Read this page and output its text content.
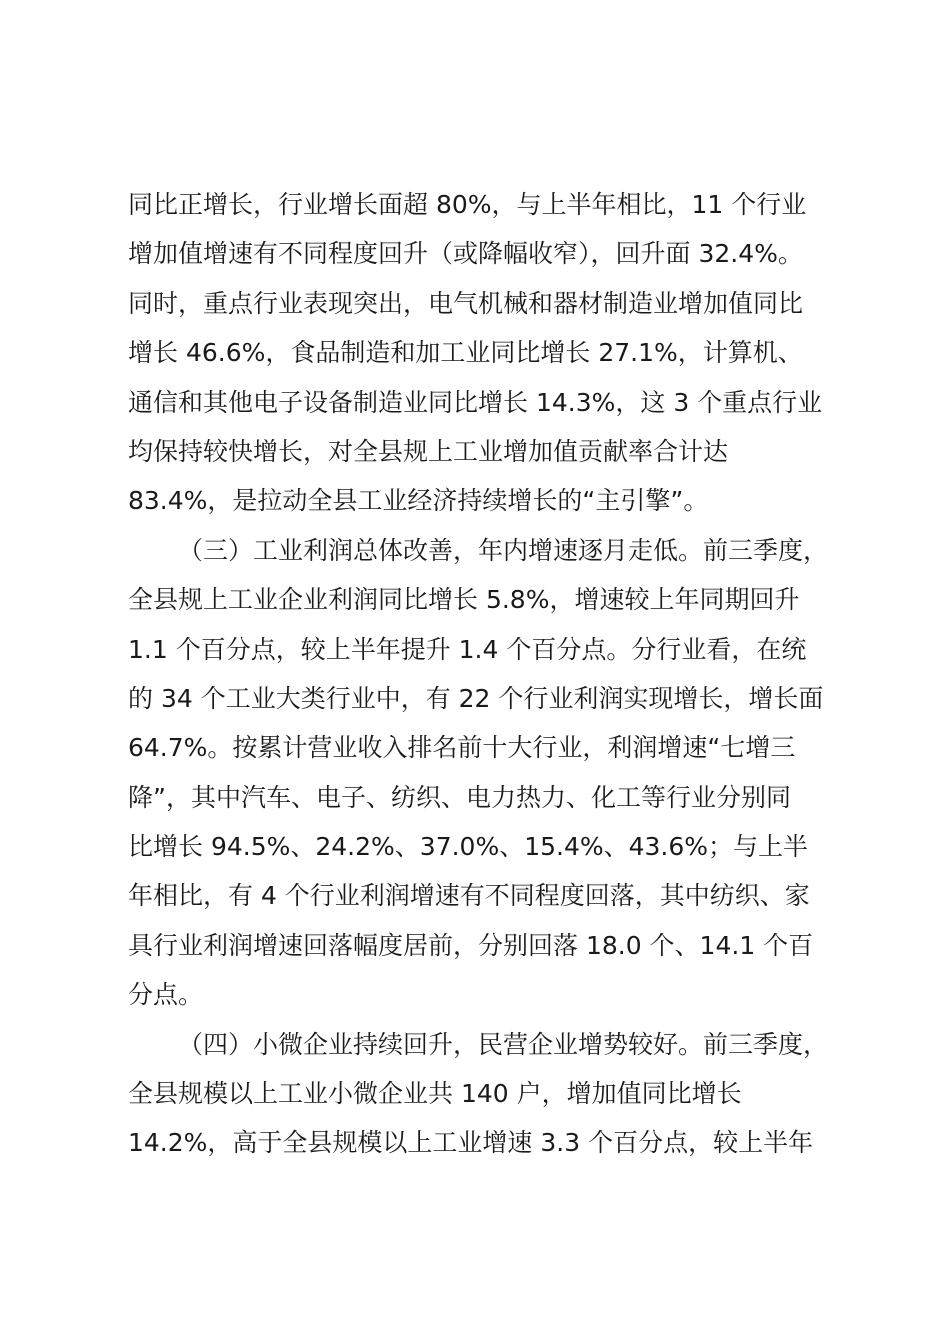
同比正增长，行业增长面超 80%，与上半年相比，11 个行业
增加值增速有不同程度回升（或降幅收窄），回升面 32.4%。
同时，重点行业表现突出，电气机械和器材制造业增加值同比
增长 46.6%，食品制造和加工业同比增长 27.1%，计算机、
通信和其他电子设备制造业同比增长 14.3%，这 3 个重点行业
均保持较快增长，对全县规上工业增加值贡献率合计达
83.4%，是拉动全县工业经济持续增长的“主引擎”。
（三）工业利润总体改善，年内增速逐月走低。前三季度，
全县规上工业企业利润同比增长 5.8%，增速较上年同期回升
1.1 个百分点，较上半年提升 1.4 个百分点。分行业看，在统
的 34 个工业大类行业中，有 22 个行业利润实现增长，增长面
64.7%。按累计营业收入排名前十大行业，利润增速“七增三
降”，其中汽车、电子、纺织、电力热力、化工等行业分别同
比增长 94.5%、24.2%、37.0%、15.4%、43.6%；与上半
年相比，有 4 个行业利润增速有不同程度回落，其中纺织、家
具行业利润增速回落幅度居前，分别回落 18.0 个、14.1 个百
分点。
（四）小微企业持续回升，民营企业增势较好。前三季度，
全县规模以上工业小微企业共 140 户，增加值同比增长
14.2%，高于全县规模以上工业增速 3.3 个百分点，较上半年
